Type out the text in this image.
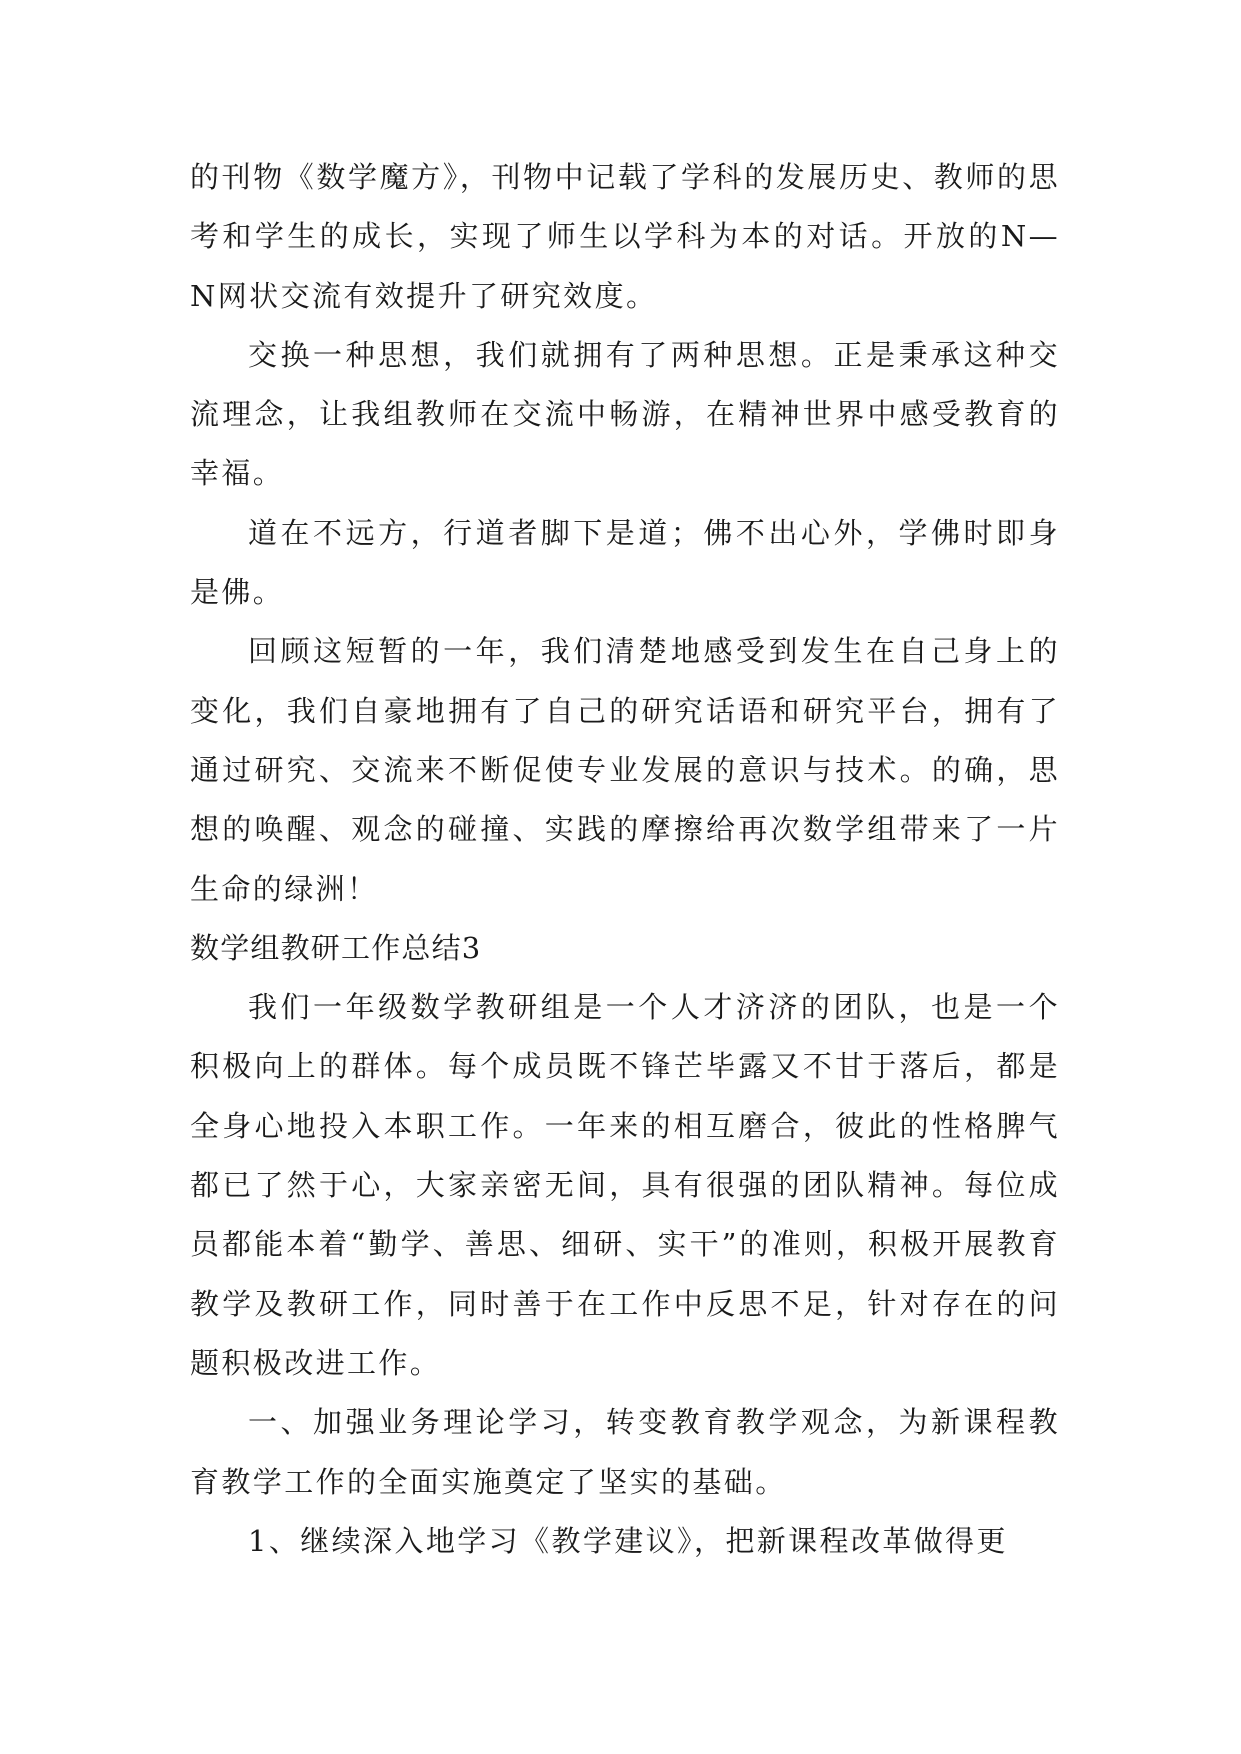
的刊物《数学魔方》，刊物中记载了学科的发展历史、教师的思考和学生的成长，实现了师生以学科为本的对话。开放的N—N网状交流有效提升了研究效度。

交换一种思想，我们就拥有了两种思想。正是秉承这种交流理念，让我组教师在交流中畅游，在精神世界中感受教育的幸福。

道在不远方，行道者脚下是道；佛不出心外，学佛时即身是佛。

回顾这短暂的一年，我们清楚地感受到发生在自己身上的变化，我们自豪地拥有了自己的研究话语和研究平台，拥有了通过研究、交流来不断促使专业发展的意识与技术。的确，思想的唤醒、观念的碰撞、实践的摩擦给再次数学组带来了一片生命的绿洲！

数学组教研工作总结3

我们一年级数学教研组是一个人才济济的团队，也是一个积极向上的群体。每个成员既不锋芒毕露又不甘于落后，都是全身心地投入本职工作。一年来的相互磨合，彼此的性格脾气都已了然于心，大家亲密无间，具有很强的团队精神。每位成员都能本着“勤学、善思、细研、实干”的准则，积极开展教育教学及教研工作，同时善于在工作中反思不足，针对存在的问题积极改进工作。

一、加强业务理论学习，转变教育教学观念，为新课程教育教学工作的全面实施奠定了坚实的基础。

1、继续深入地学习《教学建议》，把新课程改革做得更
